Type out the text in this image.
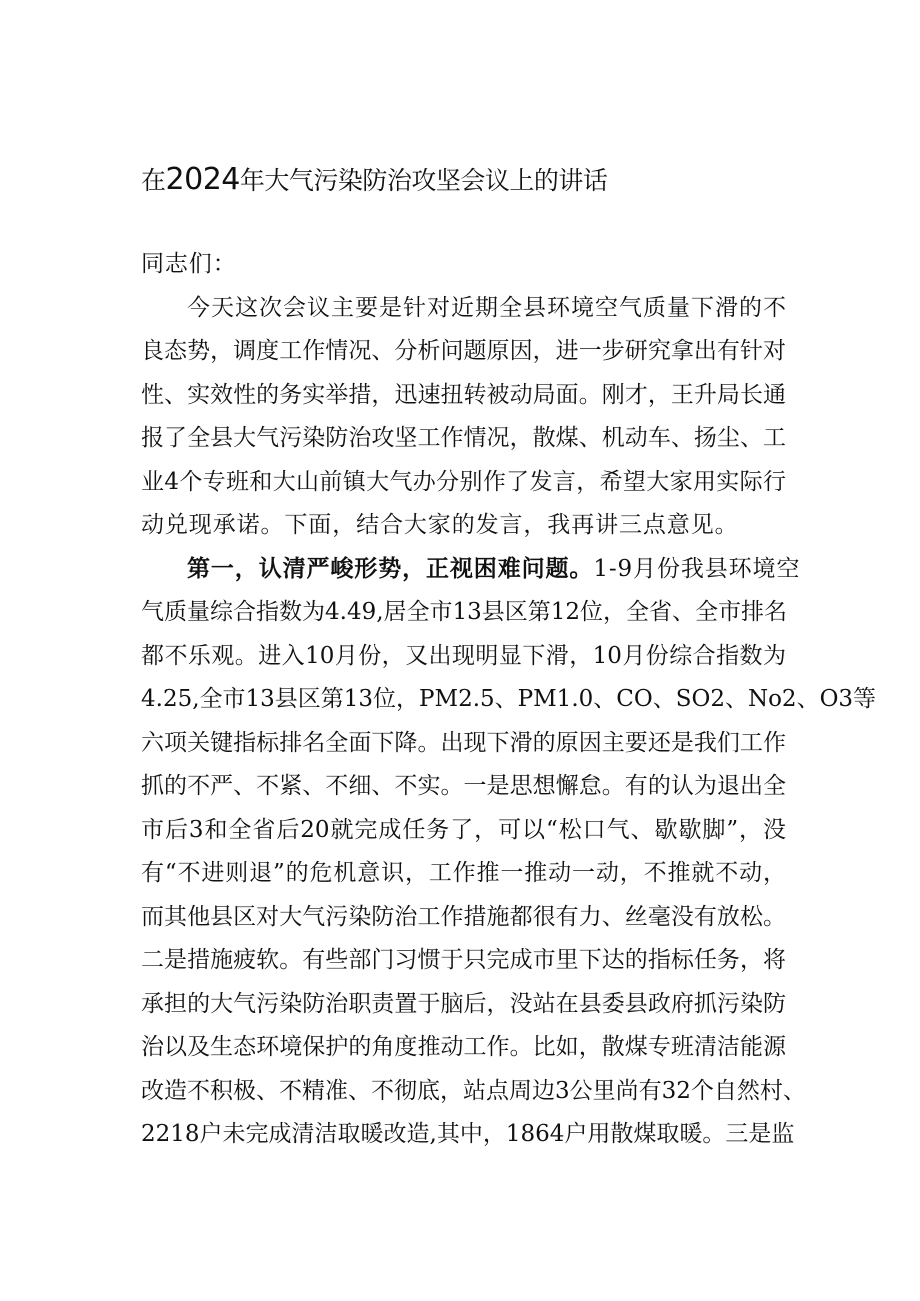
在2024年大气污染防治攻坚会议上的讲话
同志们：
今天这次会议主要是针对近期全县环境空气质量下滑的不
良态势，调度工作情况、分析问题原因，进一步研究拿出有针对
性、实效性的务实举措，迅速扭转被动局面。刚才，王升局长通
报了全县大气污染防治攻坚工作情况，散煤、机动车、扬尘、工
业4个专班和大山前镇大气办分别作了发言，希望大家用实际行
动兑现承诺。下面，结合大家的发言，我再讲三点意见。
第一，认清严峻形势，正视困难问题。1-9月份我县环境空
气质量综合指数为4.49,居全市13县区第12位，全省、全市排名
都不乐观。进入10月份，又出现明显下滑，10月份综合指数为
4.25,全市13县区第13位，PM2.5、PM1.0、CO、SO2、No2、O3等
六项关键指标排名全面下降。出现下滑的原因主要还是我们工作
抓的不严、不紧、不细、不实。一是思想懈怠。有的认为退出全
市后3和全省后20就完成任务了，可以“松口气、歇歇脚”，没
有“不进则退”的危机意识，工作推一推动一动，不推就不动，
而其他县区对大气污染防治工作措施都很有力、丝毫没有放松。
二是措施疲软。有些部门习惯于只完成市里下达的指标任务，将
承担的大气污染防治职责置于脑后，没站在县委县政府抓污染防
治以及生态环境保护的角度推动工作。比如，散煤专班清洁能源
改造不积极、不精准、不彻底，站点周边3公里尚有32个自然村、
2218户未完成清洁取暖改造,其中，1864户用散煤取暖。三是监
